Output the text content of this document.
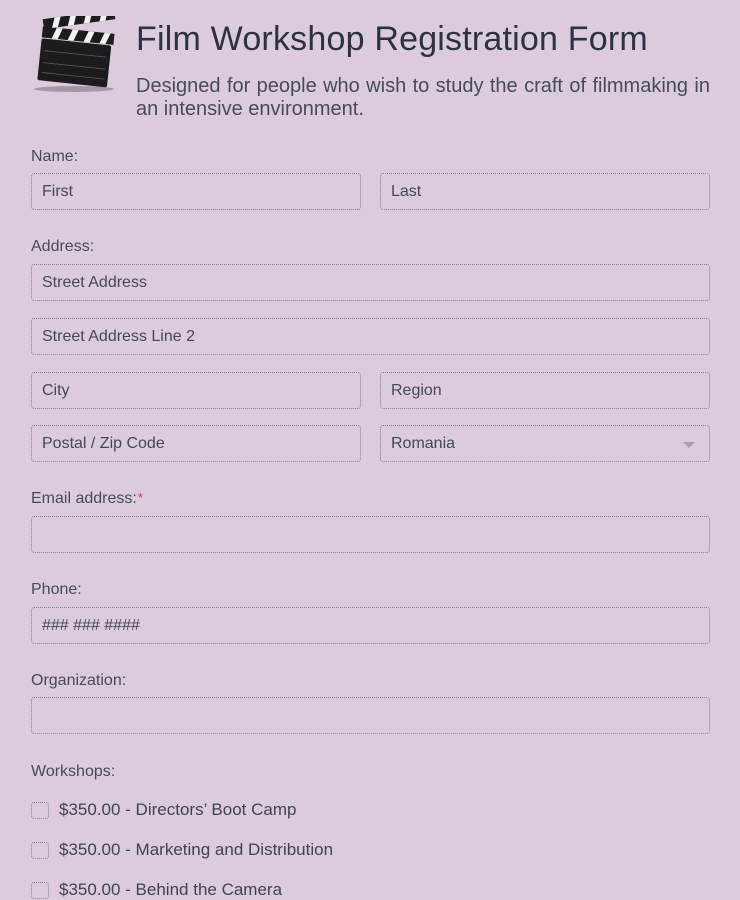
Film Workshop Registration Form

Designed for people who wish to study the craft of filmmaking in an intensive environment.

Name:
First
Last
Address:
Street Address
Street Address Line 2
City
Region
Postal / Zip Code
Romania
Email address:*
Phone:
### ### ####
Organization:
Workshops:
$350.00 - Directors’ Boot Camp
$350.00 - Marketing and Distribution
$350.00 - Behind the Camera
